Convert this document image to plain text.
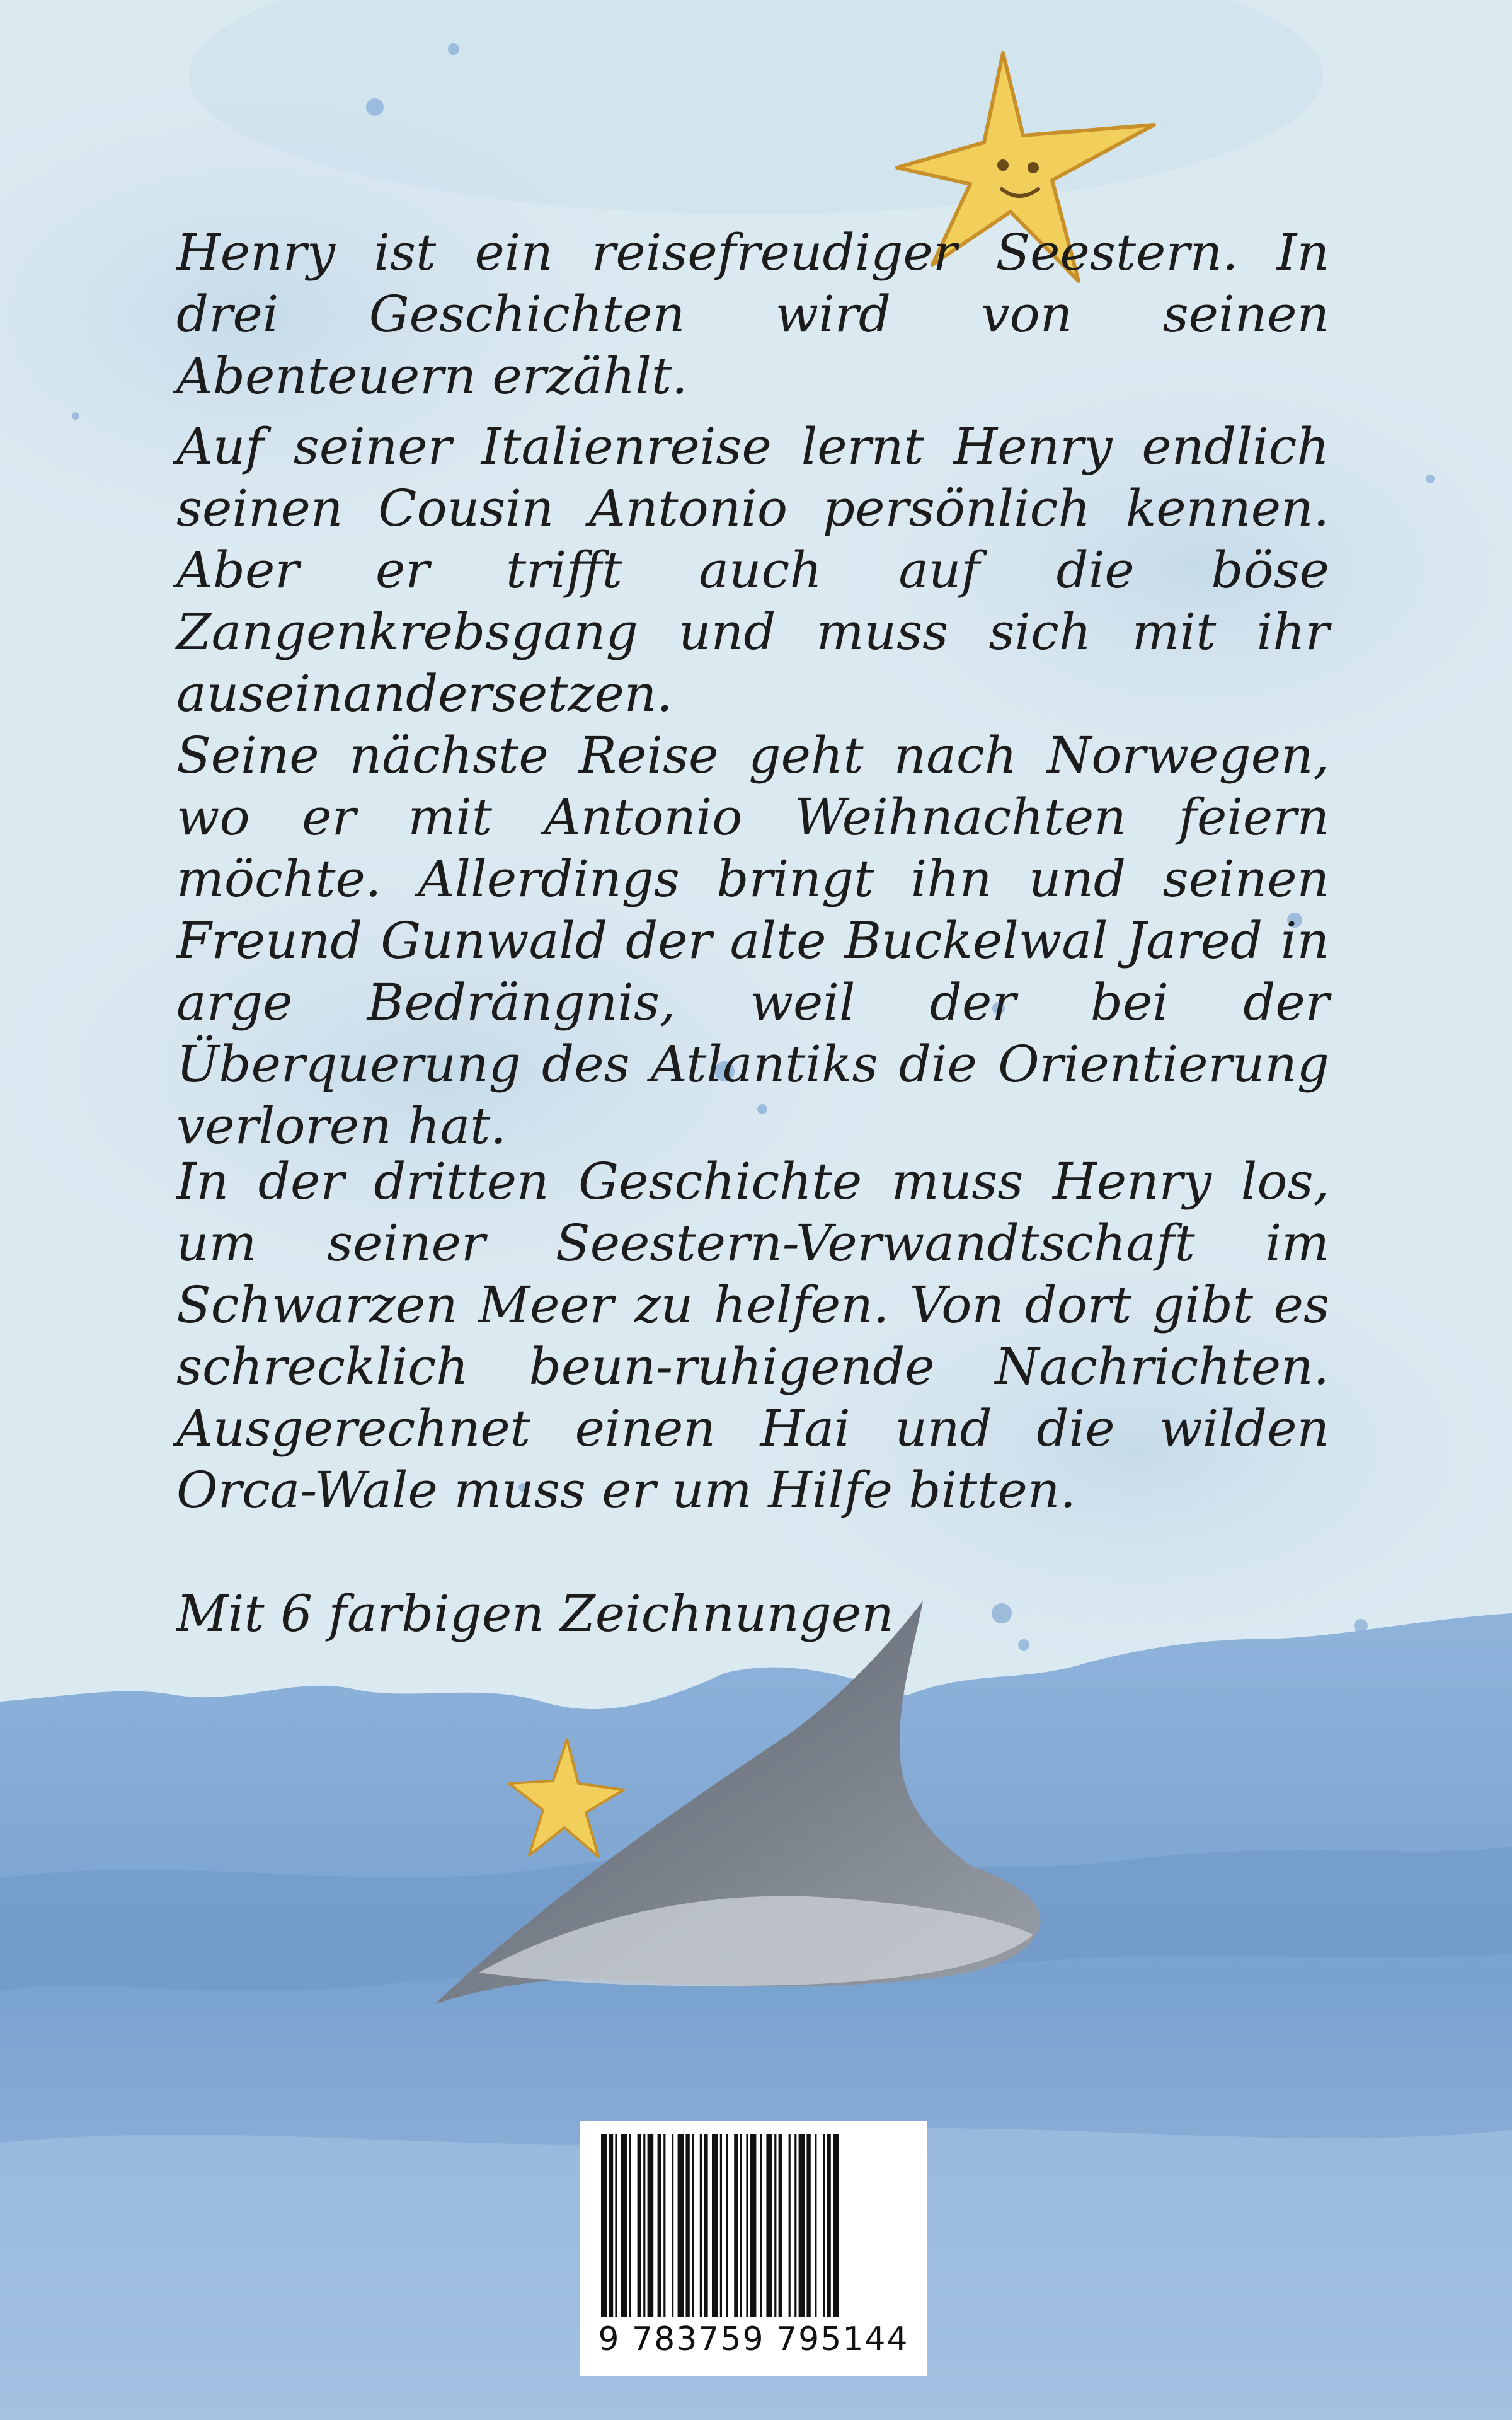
Henry ist ein reisefreudiger Seestern. In drei Geschichten wird von seinen Abenteuern erzählt.

Auf seiner Italienreise lernt Henry endlich seinen Cousin Antonio persönlich kennen. Aber er trifft auch auf die böse Zangenkrebsgang und muss sich mit ihr auseinandersetzen.

Seine nächste Reise geht nach Norwegen, wo er mit Antonio Weihnachten feiern möchte. Allerdings bringt ihn und seinen Freund Gunwald der alte Buckelwal Jared in arge Bedrängnis, weil der bei der Überquerung des Atlantiks die Orientierung verloren hat.

In der dritten Geschichte muss Henry los, um seiner Seestern-Verwandtschaft im Schwarzen Meer zu helfen. Von dort gibt es schrecklich beun-ruhigende Nachrichten. Ausgerechnet einen Hai und die wilden Orca-Wale muss er um Hilfe bitten.

Mit 6 farbigen Zeichnungen

9 783759 795144
